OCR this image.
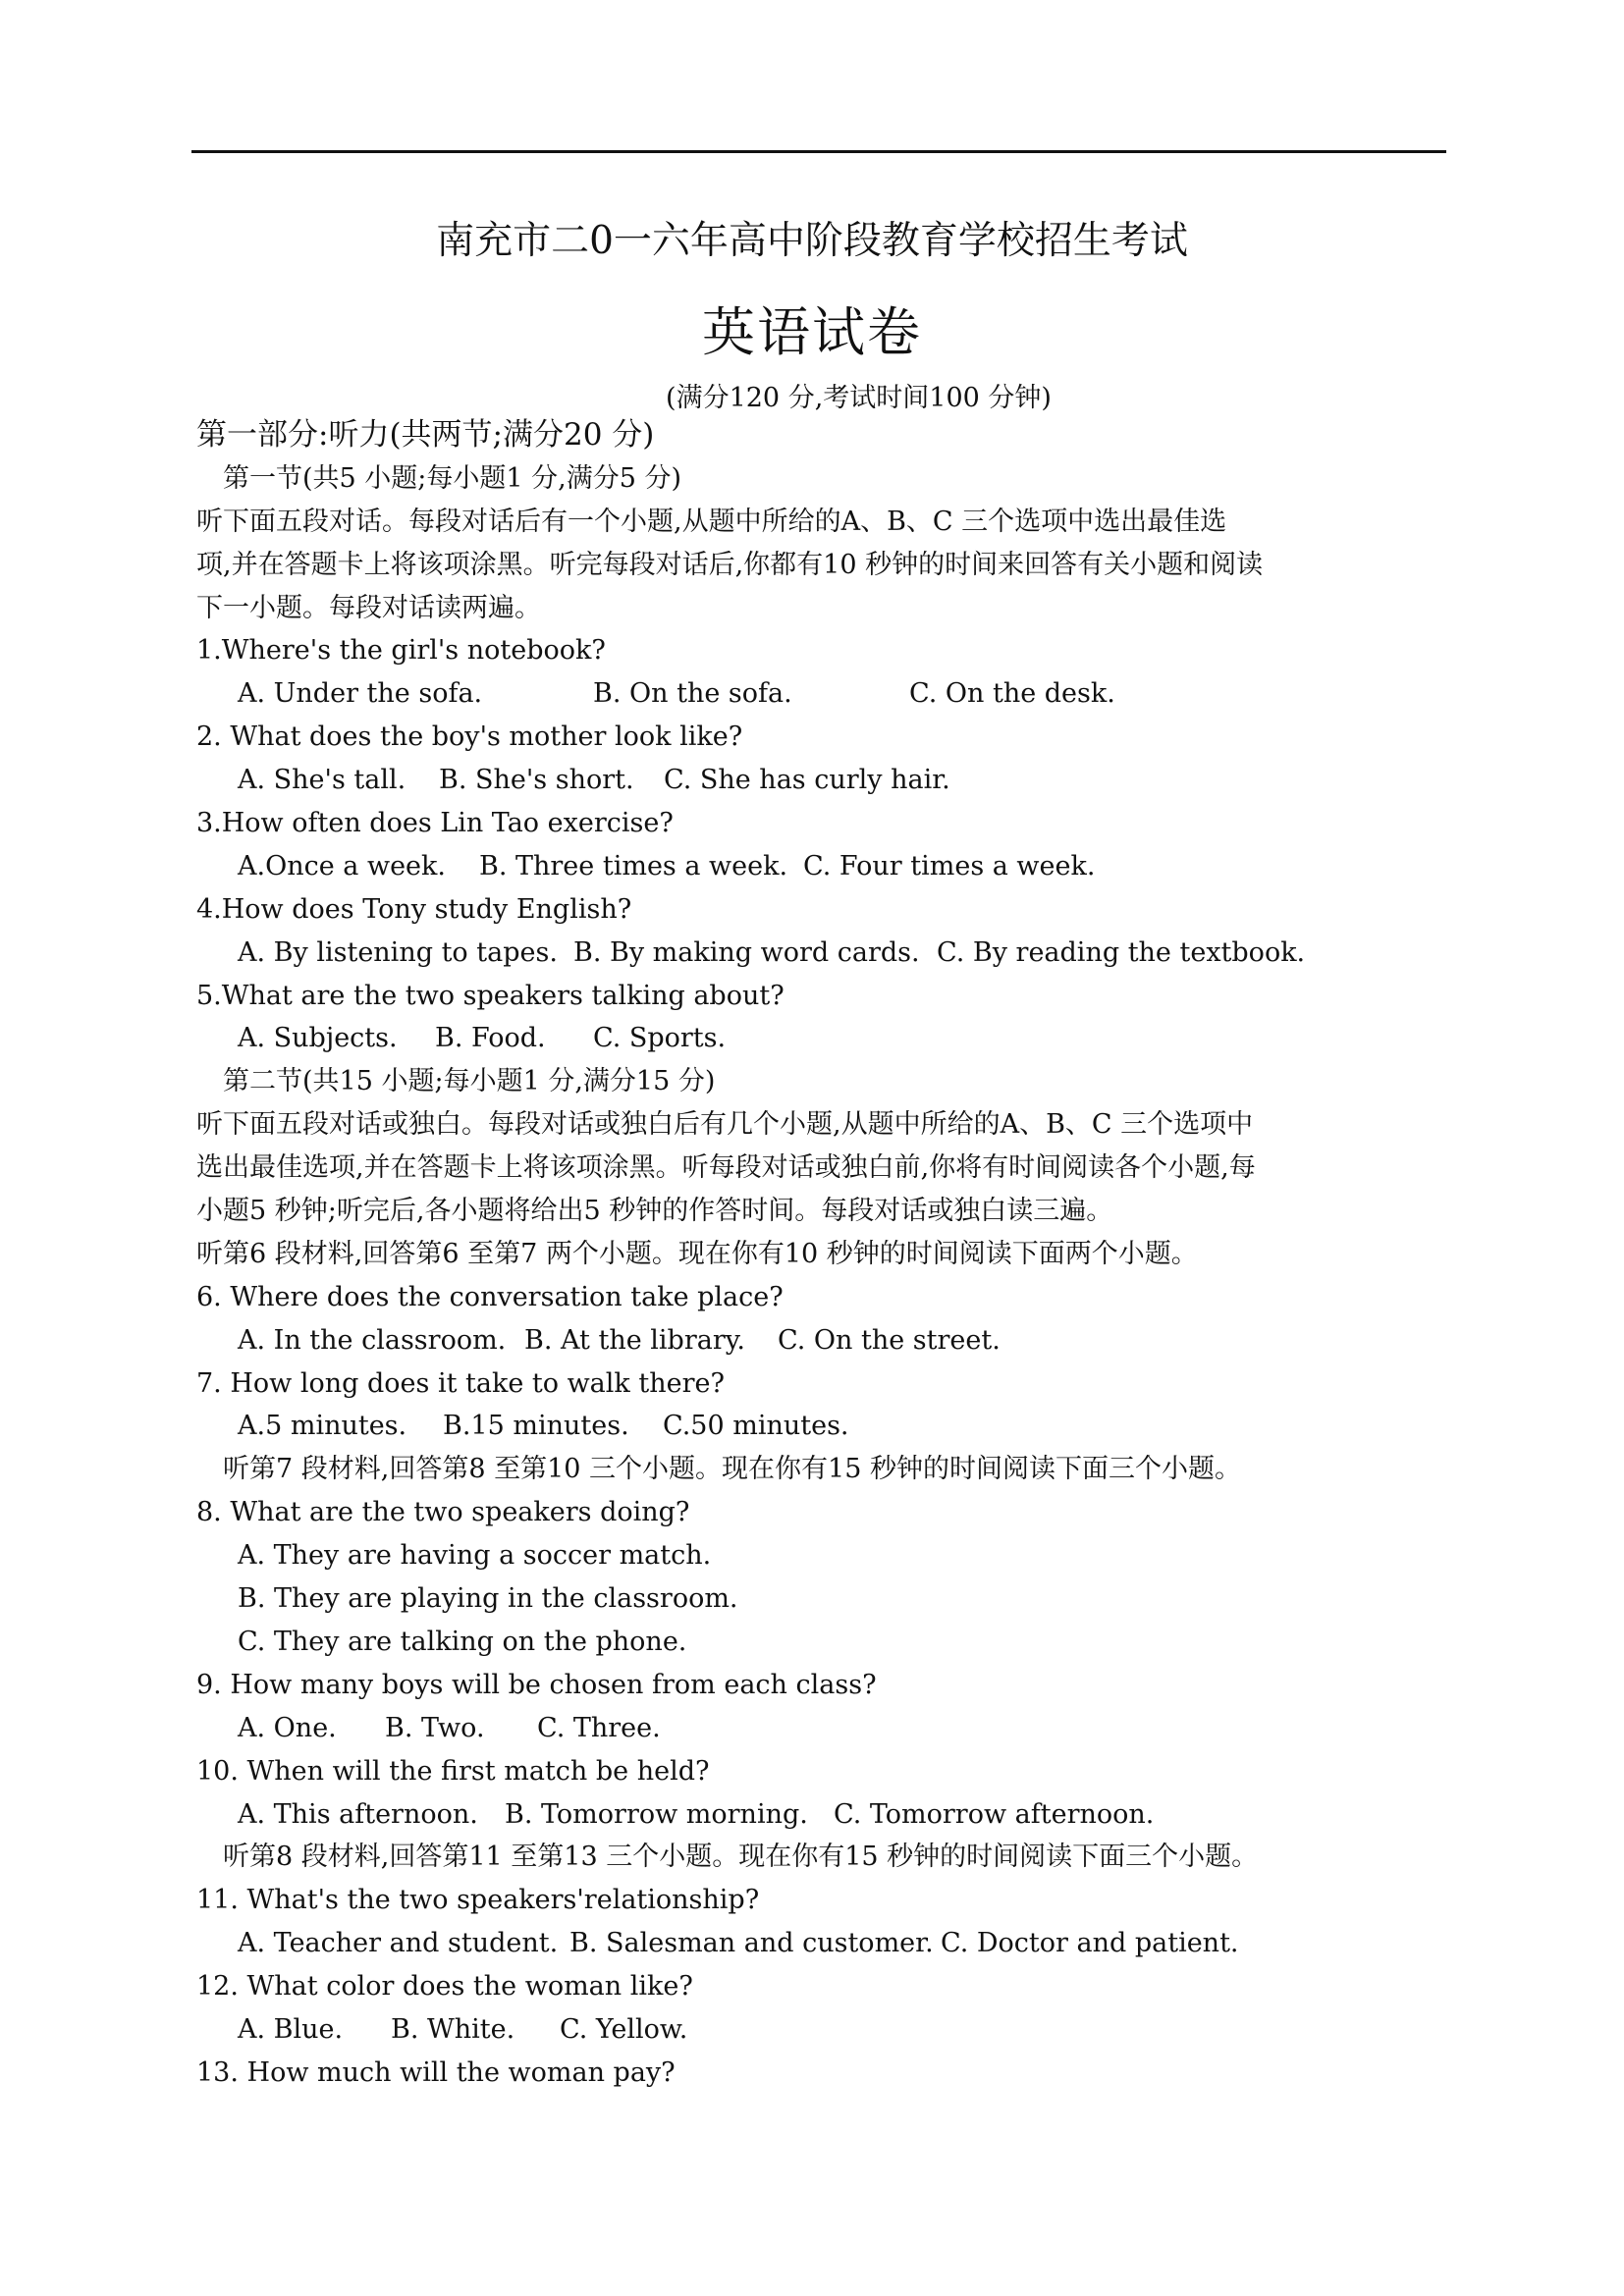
南充市二0一六年高中阶段教育学校招生考试
英语试卷
(满分120 分,考试时间100 分钟)
第一部分:听力(共两节;满分20 分)
第一节(共5 小题;每小题1 分,满分5 分)
听下面五段对话。每段对话后有一个小题,从题中所给的A、B、C 三个选项中选出最佳选
项,并在答题卡上将该项涂黑。听完每段对话后,你都有10 秒钟的时间来回答有关小题和阅读
下一小题。每段对话读两遍。
1.Where's the girl's notebook?
A. Under the sofa.	B. On the sofa.	C. On the desk.
2. What does the boy's mother look like?
A. She's tall. B. She's short. C. She has curly hair.
3.How often does Lin Tao exercise?
A.Once a week. B. Three times a week. C. Four times a week.
4.How does Tony study English?
A. By listening to tapes. B. By making word cards. C. By reading the textbook.
5.What are the two speakers talking about?
A. Subjects. B. Food. C. Sports.
第二节(共15 小题;每小题1 分,满分15 分)
听下面五段对话或独白。每段对话或独白后有几个小题,从题中所给的A、B、C 三个选项中
选出最佳选项,并在答题卡上将该项涂黑。听每段对话或独白前,你将有时间阅读各个小题,每
小题5 秒钟;听完后,各小题将给出5 秒钟的作答时间。每段对话或独白读三遍。
听第6 段材料,回答第6 至第7 两个小题。现在你有10 秒钟的时间阅读下面两个小题。
6. Where does the conversation take place?
A. In the classroom. B. At the library. C. On the street.
7. How long does it take to walk there?
A.5 minutes. B.15 minutes. C.50 minutes.
听第7 段材料,回答第8 至第10 三个小题。现在你有15 秒钟的时间阅读下面三个小题。
8. What are the two speakers doing?
A. They are having a soccer match.
B. They are playing in the classroom.
C. They are talking on the phone.
9. How many boys will be chosen from each class?
A. One. B. Two. C. Three.
10. When will the first match be held?
A. This afternoon. B. Tomorrow morning. C. Tomorrow afternoon.
听第8 段材料,回答第11 至第13 三个小题。现在你有15 秒钟的时间阅读下面三个小题。
11. What's the two speakers'relationship?
A. Teacher and student. B. Salesman and customer. C. Doctor and patient.
12. What color does the woman like?
A. Blue. B. White. C. Yellow.
13. How much will the woman pay?
